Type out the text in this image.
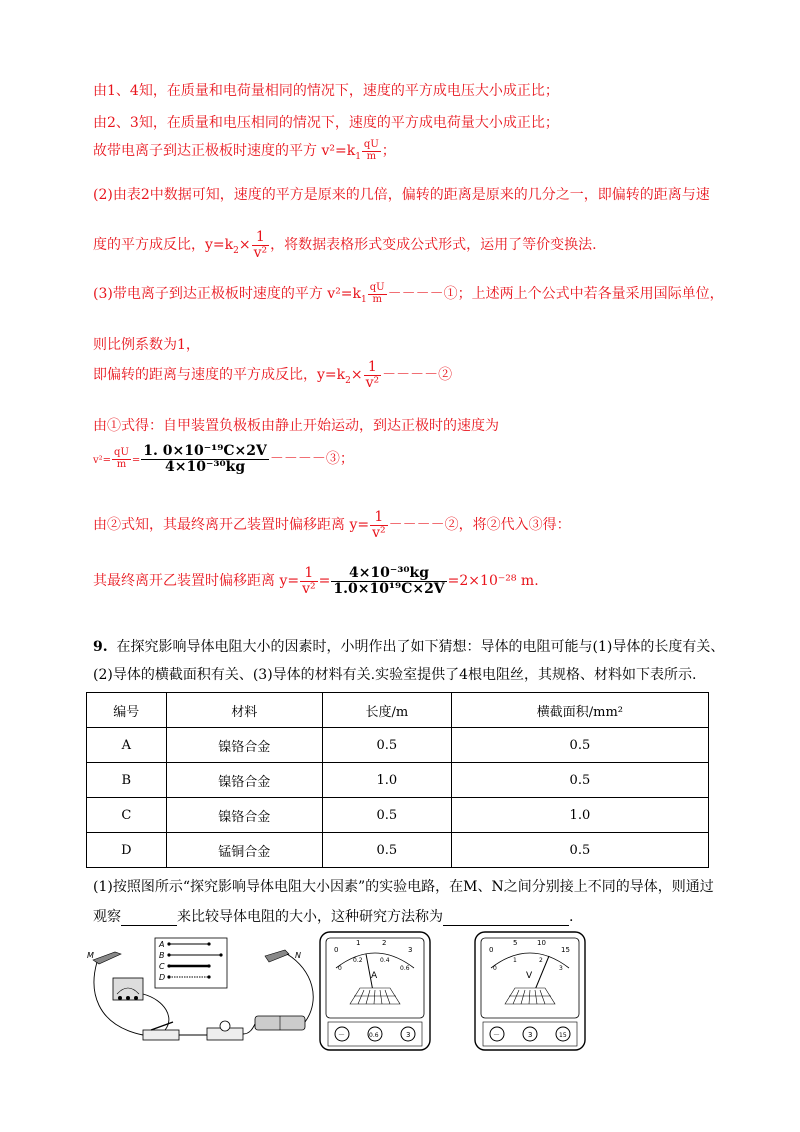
由1、4知，在质量和电荷量相同的情况下，速度的平方成电压大小成正比；
由2、3知，在质量和电压相同的情况下，速度的平方成电荷量大小成正比；
故带电离子到达正极板时速度的平方 $v^2=k_1 \frac{qU}{m}$ ；
(2)由表2中数据可知，速度的平方是原来的几倍，偏转的距离是原来的几分之一，即偏转的距离与速
度的平方成反比，$y=k_2\times \frac{1}{\text{v²}}$ ，将数据表格形式变成公式形式，运用了等价变换法.
(3)带电离子到达正极板时速度的平方 $v^2=k_1 \frac{qU}{m}$ －－－－①；上述两上个公式中若各量采用国际单位，
则比例系数为1，
即偏转的距离与速度的平方成反比，$y=k_2\times \frac{1}{\text{v²}}$ －－－－②
由①式得：自甲装置负极板由静止开始运动，到达正极时的速度为
$v^2= \frac{qU}{m} = \frac{\text{1. 0×10⁻¹⁹C×2V}}{\text{4×10⁻³⁰kg}}$ －－－－③；
由②式知，其最终离开乙装置时偏移距离 $y= \frac{1}{\text{v²}}$ －－－－②，将②代入③得：
其最终离开乙装置时偏移距离 $y= \frac{1}{\text{v²}} = \frac{\text{4×10⁻³⁰kg}}{\text{1.0×10¹⁹C×2V}} =2\times 10^{-28}$ m.
9. 在探究影响导体电阻大小的因素时，小明作出了如下猜想：导体的电阻可能与(1)导体的长度有关、
(2)导体的横截面积有关、(3)导体的材料有关.实验室提供了4根电阻丝，其规格、材料如下表所示.
编号	材料	长度/m	横截面积/mm²
A	镍铬合金	0.5	0.5
B	镍铬合金	1.0	0.5
C	镍铬合金	0.5	1.0
D	锰铜合金	0.5	0.5
(1)按照图所示“探究影响导体电阻大小因素”的实验电路，在M、N之间分别接上不同的导体，则通过
观察	来比较导体电阻的大小，这种研究方法称为	.
A
B
C
D
M	N
0
1	2
3
0
0.2	0.4
0.6
A
－	0.6	3
0
5	10
15
0
1	2
3
V
－	3	15
